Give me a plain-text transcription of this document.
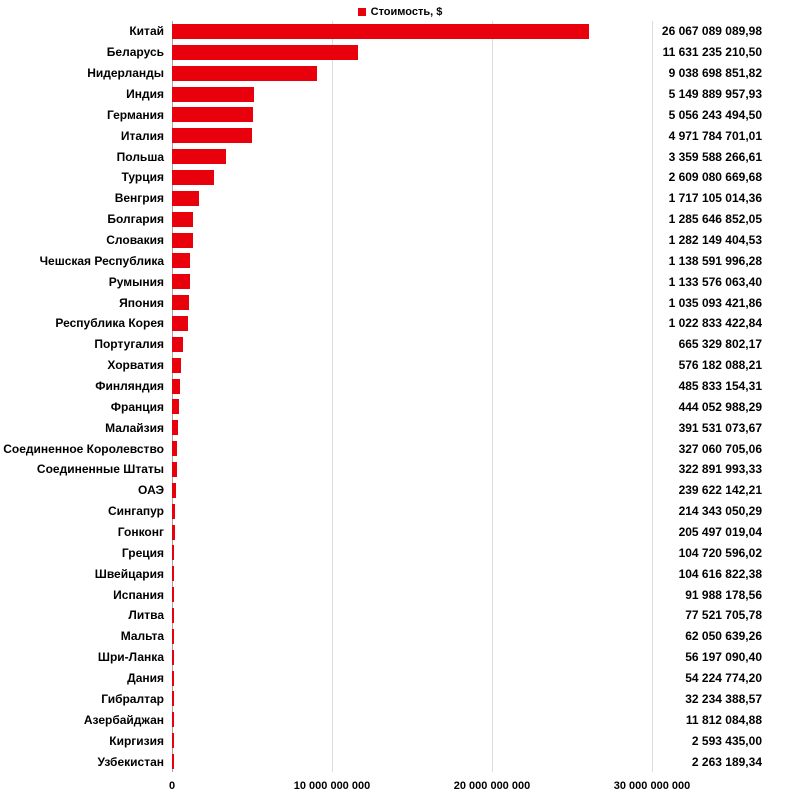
Стоимость, $
Китай	26 067 089 089,98
Беларусь	11 631 235 210,50
Нидерланды	9 038 698 851,82
Индия	5 149 889 957,93
Германия	5 056 243 494,50
Италия	4 971 784 701,01
Польша	3 359 588 266,61
Турция	2 609 080 669,68
Венгрия	1 717 105 014,36
Болгария	1 285 646 852,05
Словакия	1 282 149 404,53
Чешская Республика	1 138 591 996,28
Румыния	1 133 576 063,40
Япония	1 035 093 421,86
Республика Корея	1 022 833 422,84
Португалия	665 329 802,17
Хорватия	576 182 088,21
Финляндия	485 833 154,31
Франция	444 052 988,29
Малайзия	391 531 073,67
Соединенное Королевство	327 060 705,06
Соединенные Штаты	322 891 993,33
ОАЭ	239 622 142,21
Сингапур	214 343 050,29
Гонконг	205 497 019,04
Греция	104 720 596,02
Швейцария	104 616 822,38
Испания	91 988 178,56
Литва	77 521 705,78
Мальта	62 050 639,26
Шри-Ланка	56 197 090,40
Дания	54 224 774,20
Гибралтар	32 234 388,57
Азербайджан	11 812 084,88
Киргизия	2 593 435,00
Узбекистан	2 263 189,34
0	10 000 000 000	20 000 000 000	30 000 000 000
